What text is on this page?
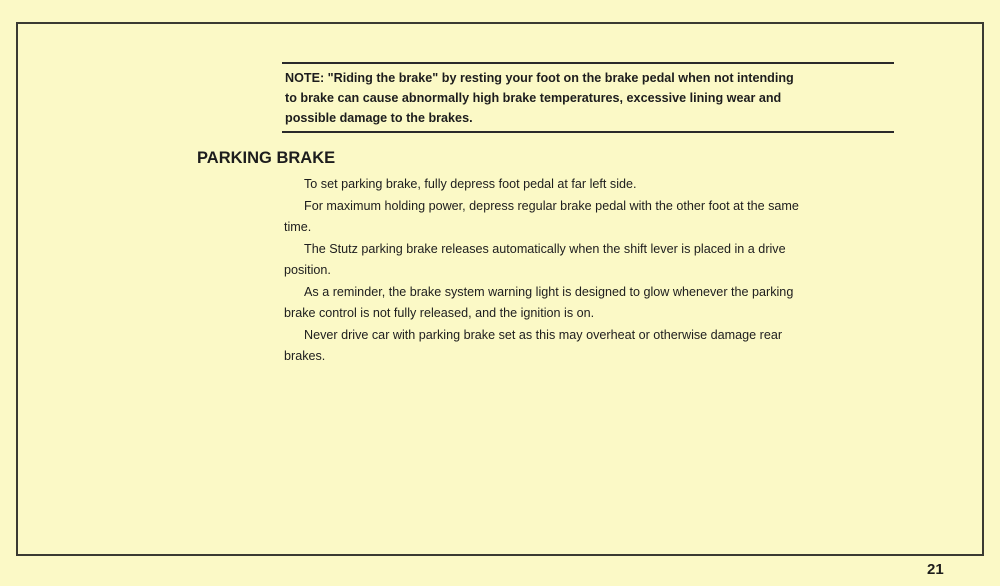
NOTE: "Riding the brake" by resting your foot on the brake pedal when not intending to brake can cause abnormally high brake temperatures, excessive lining wear and possible damage to the brakes.

PARKING BRAKE

To set parking brake, fully depress foot pedal at far left side.

For maximum holding power, depress regular brake pedal with the other foot at the same time.

The Stutz parking brake releases automatically when the shift lever is placed in a drive position.

As a reminder, the brake system warning light is designed to glow whenever the parking brake control is not fully released, and the ignition is on.

Never drive car with parking brake set as this may overheat or otherwise damage rear brakes.

21
